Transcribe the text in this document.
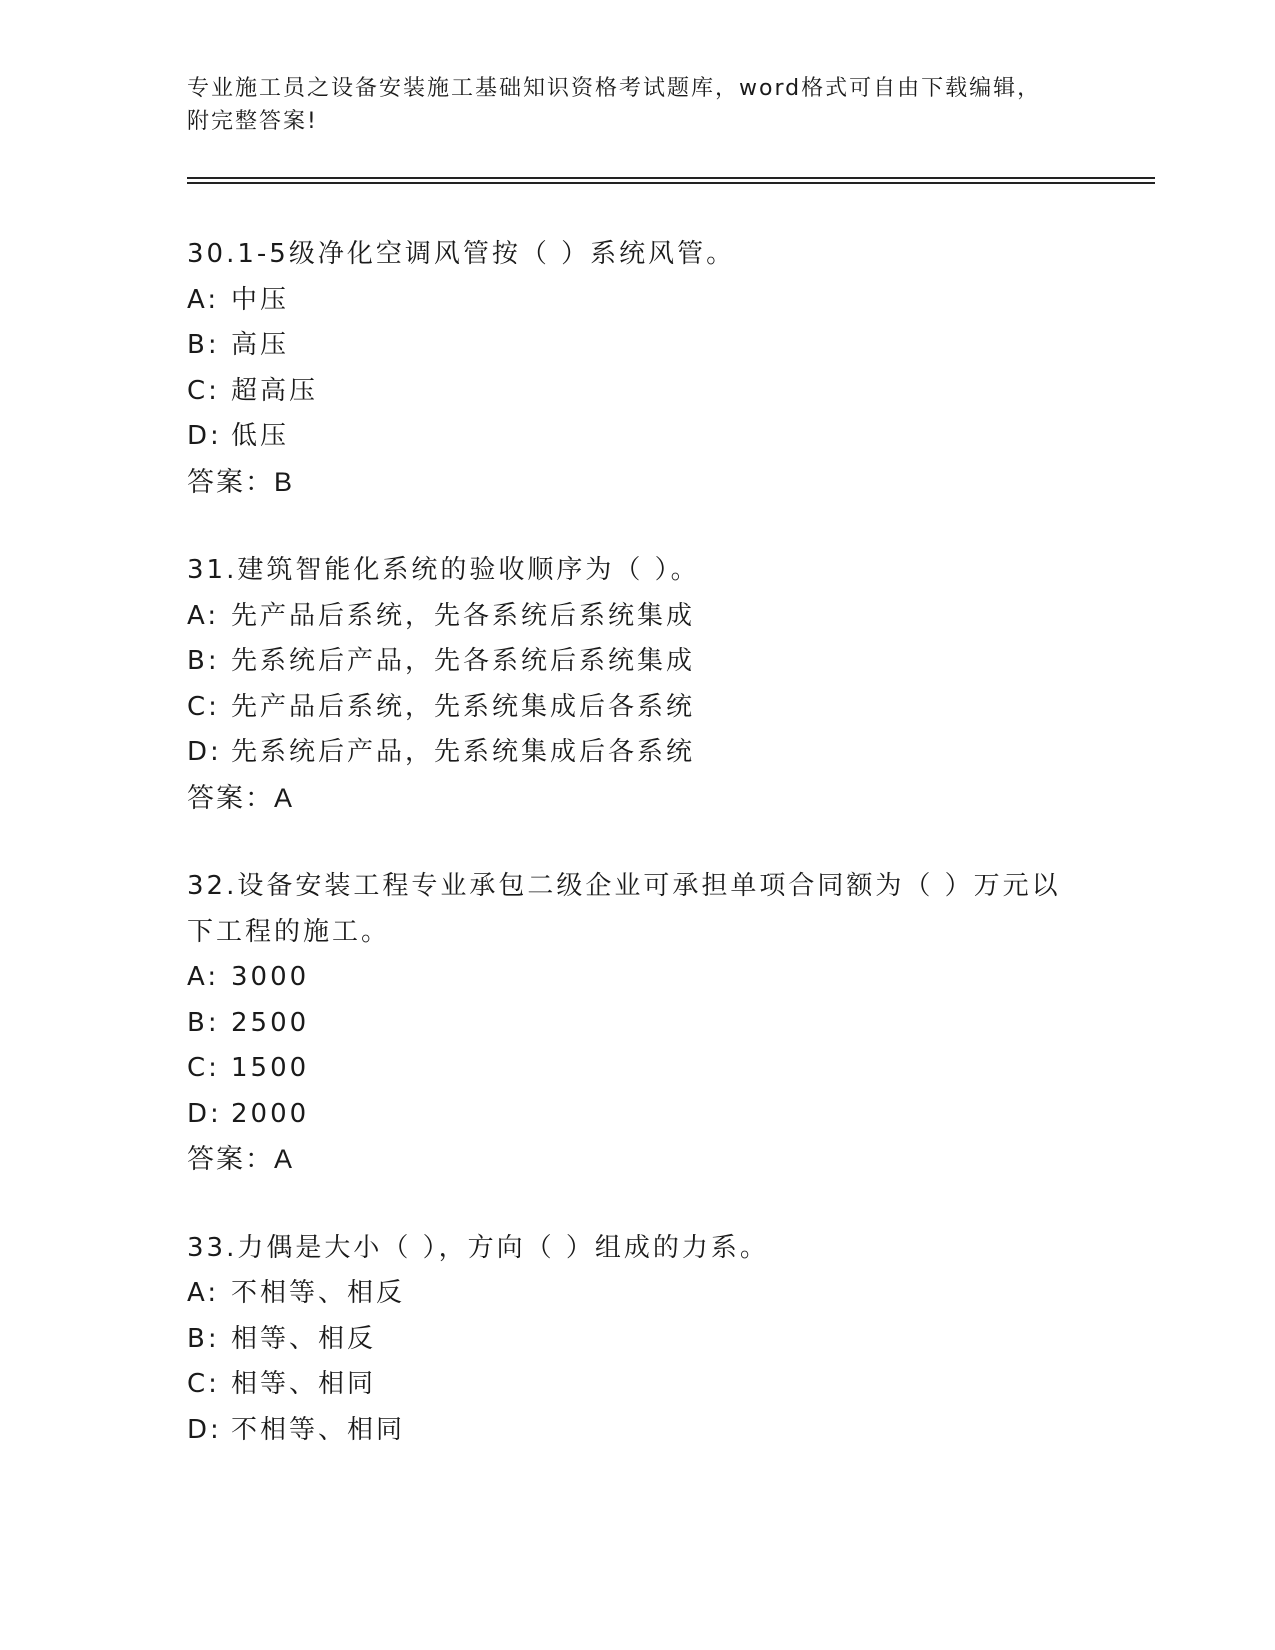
专业施工员之设备安装施工基础知识资格考试题库，word格式可自由下载编辑，
附完整答案!
30.1-5级净化空调风管按（ ）系统风管。
A: 中压
B: 高压
C: 超高压
D: 低压
答案：B
31.建筑智能化系统的验收顺序为（ ）。
A: 先产品后系统，先各系统后系统集成
B: 先系统后产品，先各系统后系统集成
C: 先产品后系统，先系统集成后各系统
D: 先系统后产品，先系统集成后各系统
答案：A
32.设备安装工程专业承包二级企业可承担单项合同额为（ ）万元以下工程的施工。
A: 3000
B: 2500
C: 1500
D: 2000
答案：A
33.力偶是大小（ ），方向（ ）组成的力系。
A: 不相等、相反
B: 相等、相反
C: 相等、相同
D: 不相等、相同
